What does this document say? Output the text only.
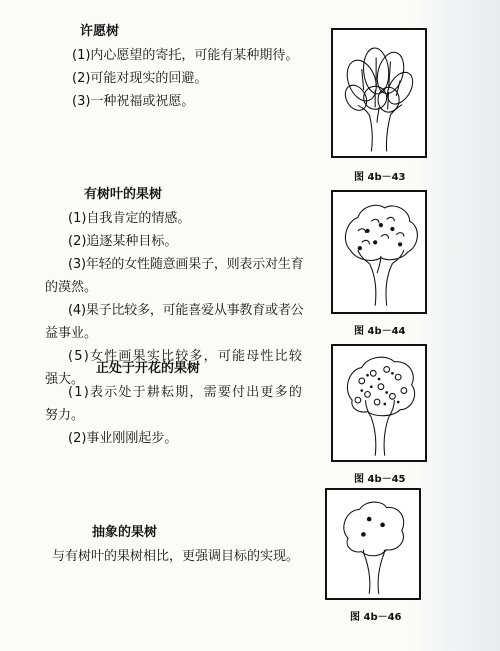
许愿树
(1)内心愿望的寄托，可能有某种期待。
(2)可能对现实的回避。
(3)一种祝福或祝愿。
有树叶的果树
(1)自我肯定的情感。
(2)追逐某种目标。
(3)年轻的女性随意画果子，则表示对生育
的漠然。
(4)果子比较多，可能喜爱从事教育或者公
益事业。
(5)女性画果实比较多，可能母性比较
强大。
正处于开花的果树
(1)表示处于耕耘期，需要付出更多的
努力。
(2)事业刚刚起步。
抽象的果树
与有树叶的果树相比，更强调目标的实现。
图 4b－43
图 4b－44
图 4b－45
图 4b－46
